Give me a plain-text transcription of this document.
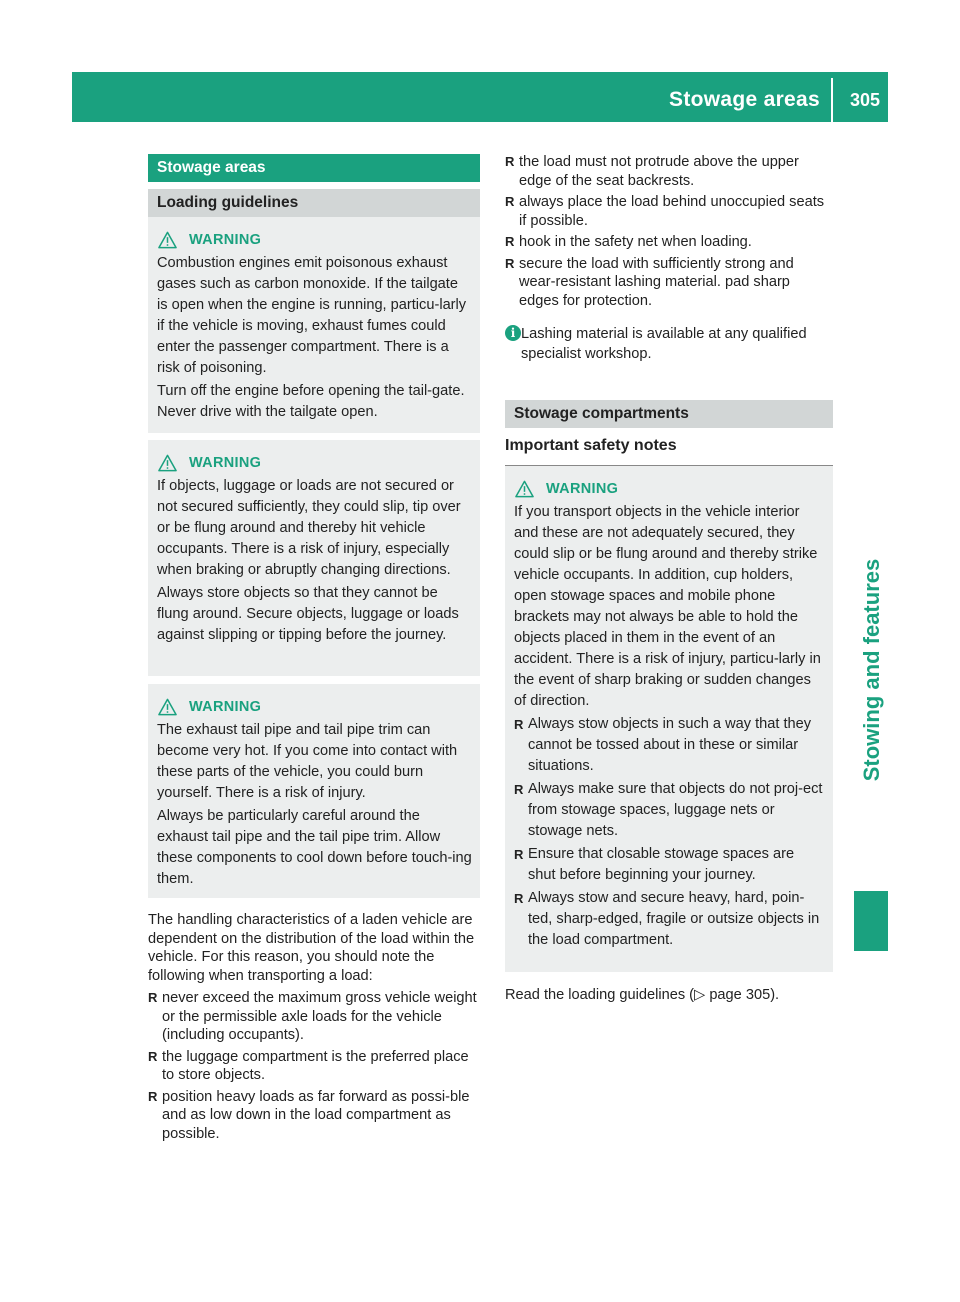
Stowage areas 305
Stowing and features
Stowage areas
Loading guidelines
WARNING

Combustion engines emit poisonous exhaust gases such as carbon monoxide. If the tailgate is open when the engine is running, particu-larly if the vehicle is moving, exhaust fumes could enter the passenger compartment. There is a risk of poisoning.

Turn off the engine before opening the tail-gate. Never drive with the tailgate open.

WARNING

If objects, luggage or loads are not secured or not secured sufficiently, they could slip, tip over or be flung around and thereby hit vehicle occupants. There is a risk of injury, especially when braking or abruptly changing directions.

Always store objects so that they cannot be flung around. Secure objects, luggage or loads against slipping or tipping before the journey.

WARNING

The exhaust tail pipe and tail pipe trim can become very hot. If you come into contact with these parts of the vehicle, you could burn yourself. There is a risk of injury.

Always be particularly careful around the exhaust tail pipe and the tail pipe trim. Allow these components to cool down before touch-ing them.

The handling characteristics of a laden vehicle are dependent on the distribution of the load within the vehicle. For this reason, you should note the following when transporting a load:

R never exceed the maximum gross vehicle weight or the permissible axle loads for the vehicle (including occupants).
R the luggage compartment is the preferred place to store objects.
R position heavy loads as far forward as possi-ble and as low down in the load compartment as possible.
R the load must not protrude above the upper edge of the seat backrests.
R always place the load behind unoccupied seats if possible.
R hook in the safety net when loading.
R secure the load with sufficiently strong and wear-resistant lashing material. pad sharp edges for protection.
i Lashing material is available at any qualified specialist workshop.

Stowage compartments
Important safety notes
WARNING

If you transport objects in the vehicle interior and these are not adequately secured, they could slip or be flung around and thereby strike vehicle occupants. In addition, cup holders, open stowage spaces and mobile phone brackets may not always be able to hold the objects placed in them in the event of an accident. There is a risk of injury, particu-larly in the event of sharp braking or sudden changes of direction.

R Always stow objects in such a way that they cannot be tossed about in these or similar situations.
R Always make sure that objects do not proj-ect from stowage spaces, luggage nets or stowage nets.
R Ensure that closable stowage spaces are shut before beginning your journey.
R Always stow and secure heavy, hard, poin-ted, sharp-edged, fragile or outsize objects in the load compartment.

Read the loading guidelines (▷ page 305).
